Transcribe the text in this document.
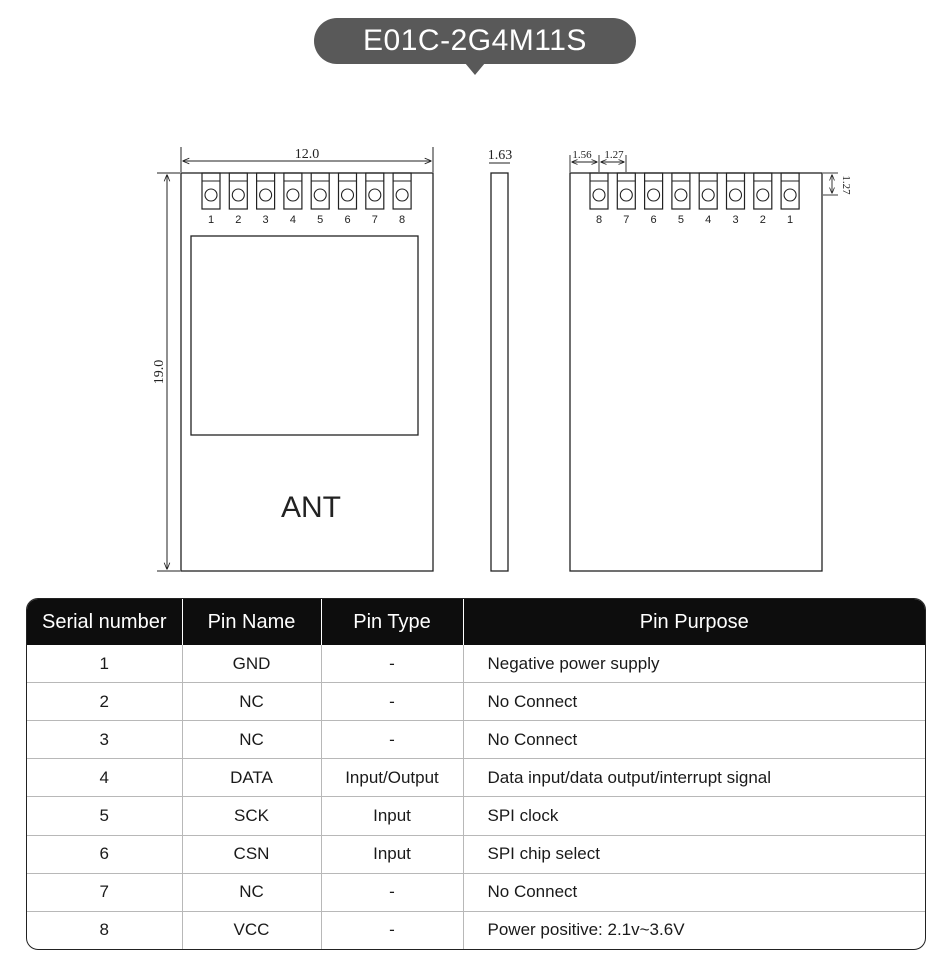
E01C-2G4M11S
1 2 3 4 5 6 7 8
ANT
12.0
19.0
1.63
8 7 6 5 4 3 2 1
1.56 1.27
1.27
Serial number	Pin Name	Pin Type	Pin Purpose
1	GND	-	Negative power supply
2	NC	-	No Connect
3	NC	-	No Connect
4	DATA	Input/Output	Data input/data output/interrupt signal
5	SCK	Input	SPI clock
6	CSN	Input	SPI chip select
7	NC	-	No Connect
8	VCC	-	Power positive: 2.1v~3.6V
